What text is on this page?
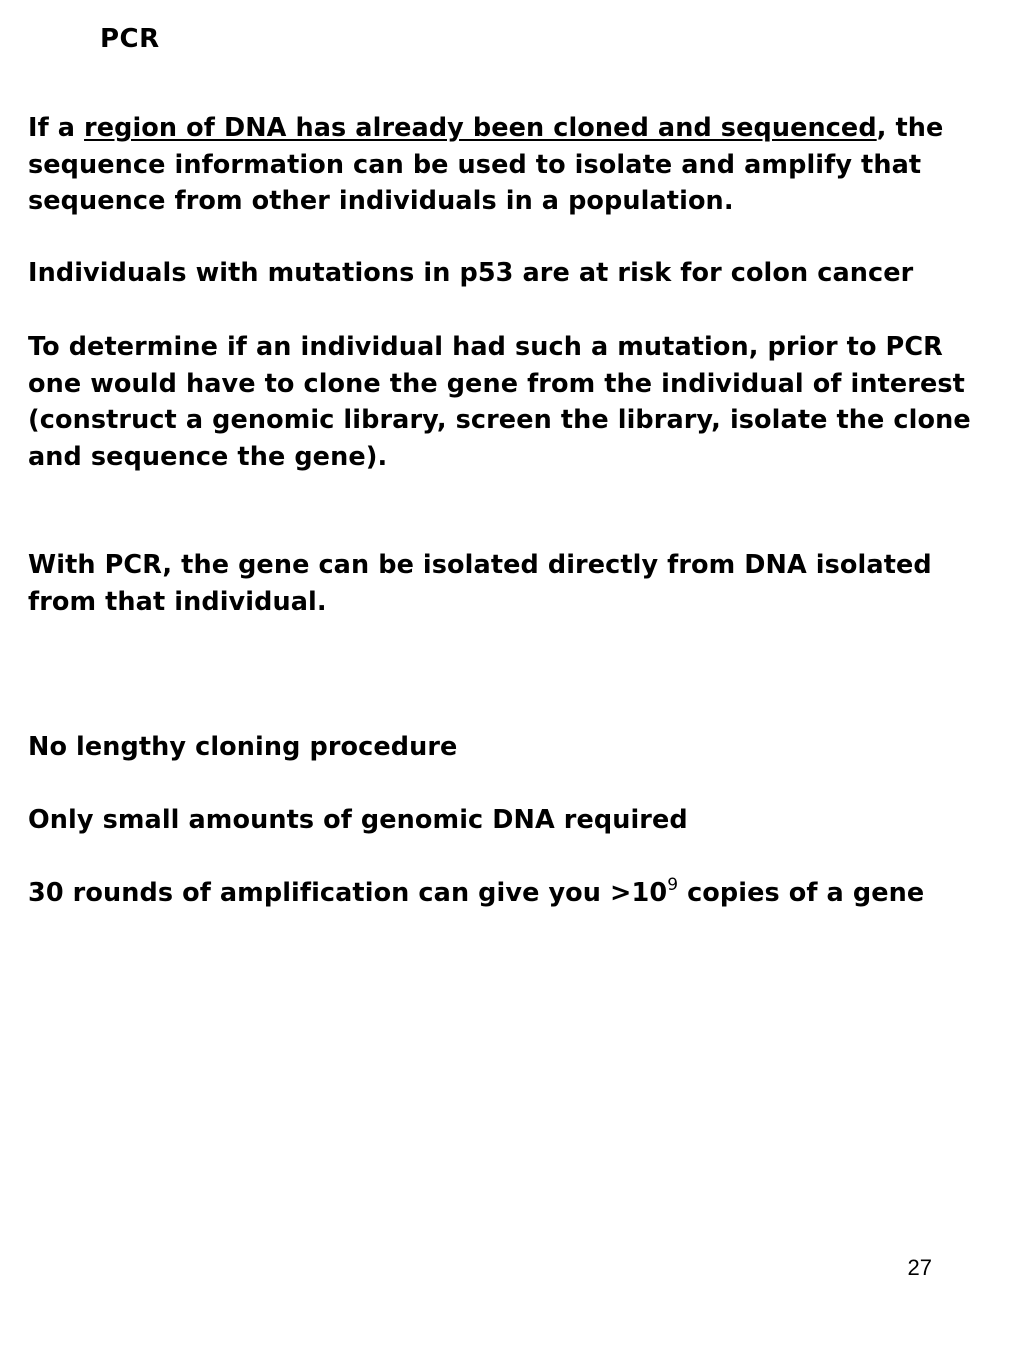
PCR

If a region of DNA has already been cloned and sequenced, the
sequence information can be used to isolate and amplify that
sequence from other individuals in a population.

Individuals with mutations in p53 are at risk for colon cancer

To determine if an individual had such a mutation, prior to PCR
one would have to clone the gene from the individual of interest
(construct a genomic library, screen the library, isolate the clone
and sequence the gene).

With PCR, the gene can be isolated directly from DNA isolated
from that individual.

No lengthy cloning procedure

Only small amounts of genomic DNA required

30 rounds of amplification can give you $>10^9$ copies of a gene

27
